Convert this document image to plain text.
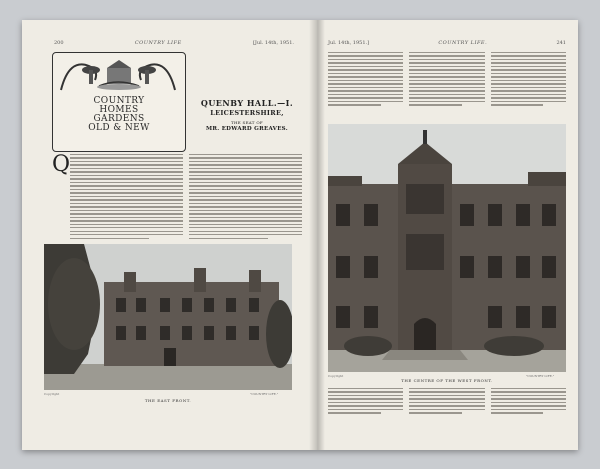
200	COUNTRY LIFE	[Jul. 14th, 1951.
COUNTRY
HOMES
GARDENS
OLD & NEW
QUENBY HALL.—I.
LEICESTERSHIRE,
THE SEAT OF
MR. EDWARD GREAVES.
Q
Copyright	"COUNTRY LIFE."
THE EAST FRONT.
Jul. 14th, 1951.]	COUNTRY LIFE.	241
Copyright	"COUNTRY LIFE."
THE CENTRE OF THE WEST FRONT.
